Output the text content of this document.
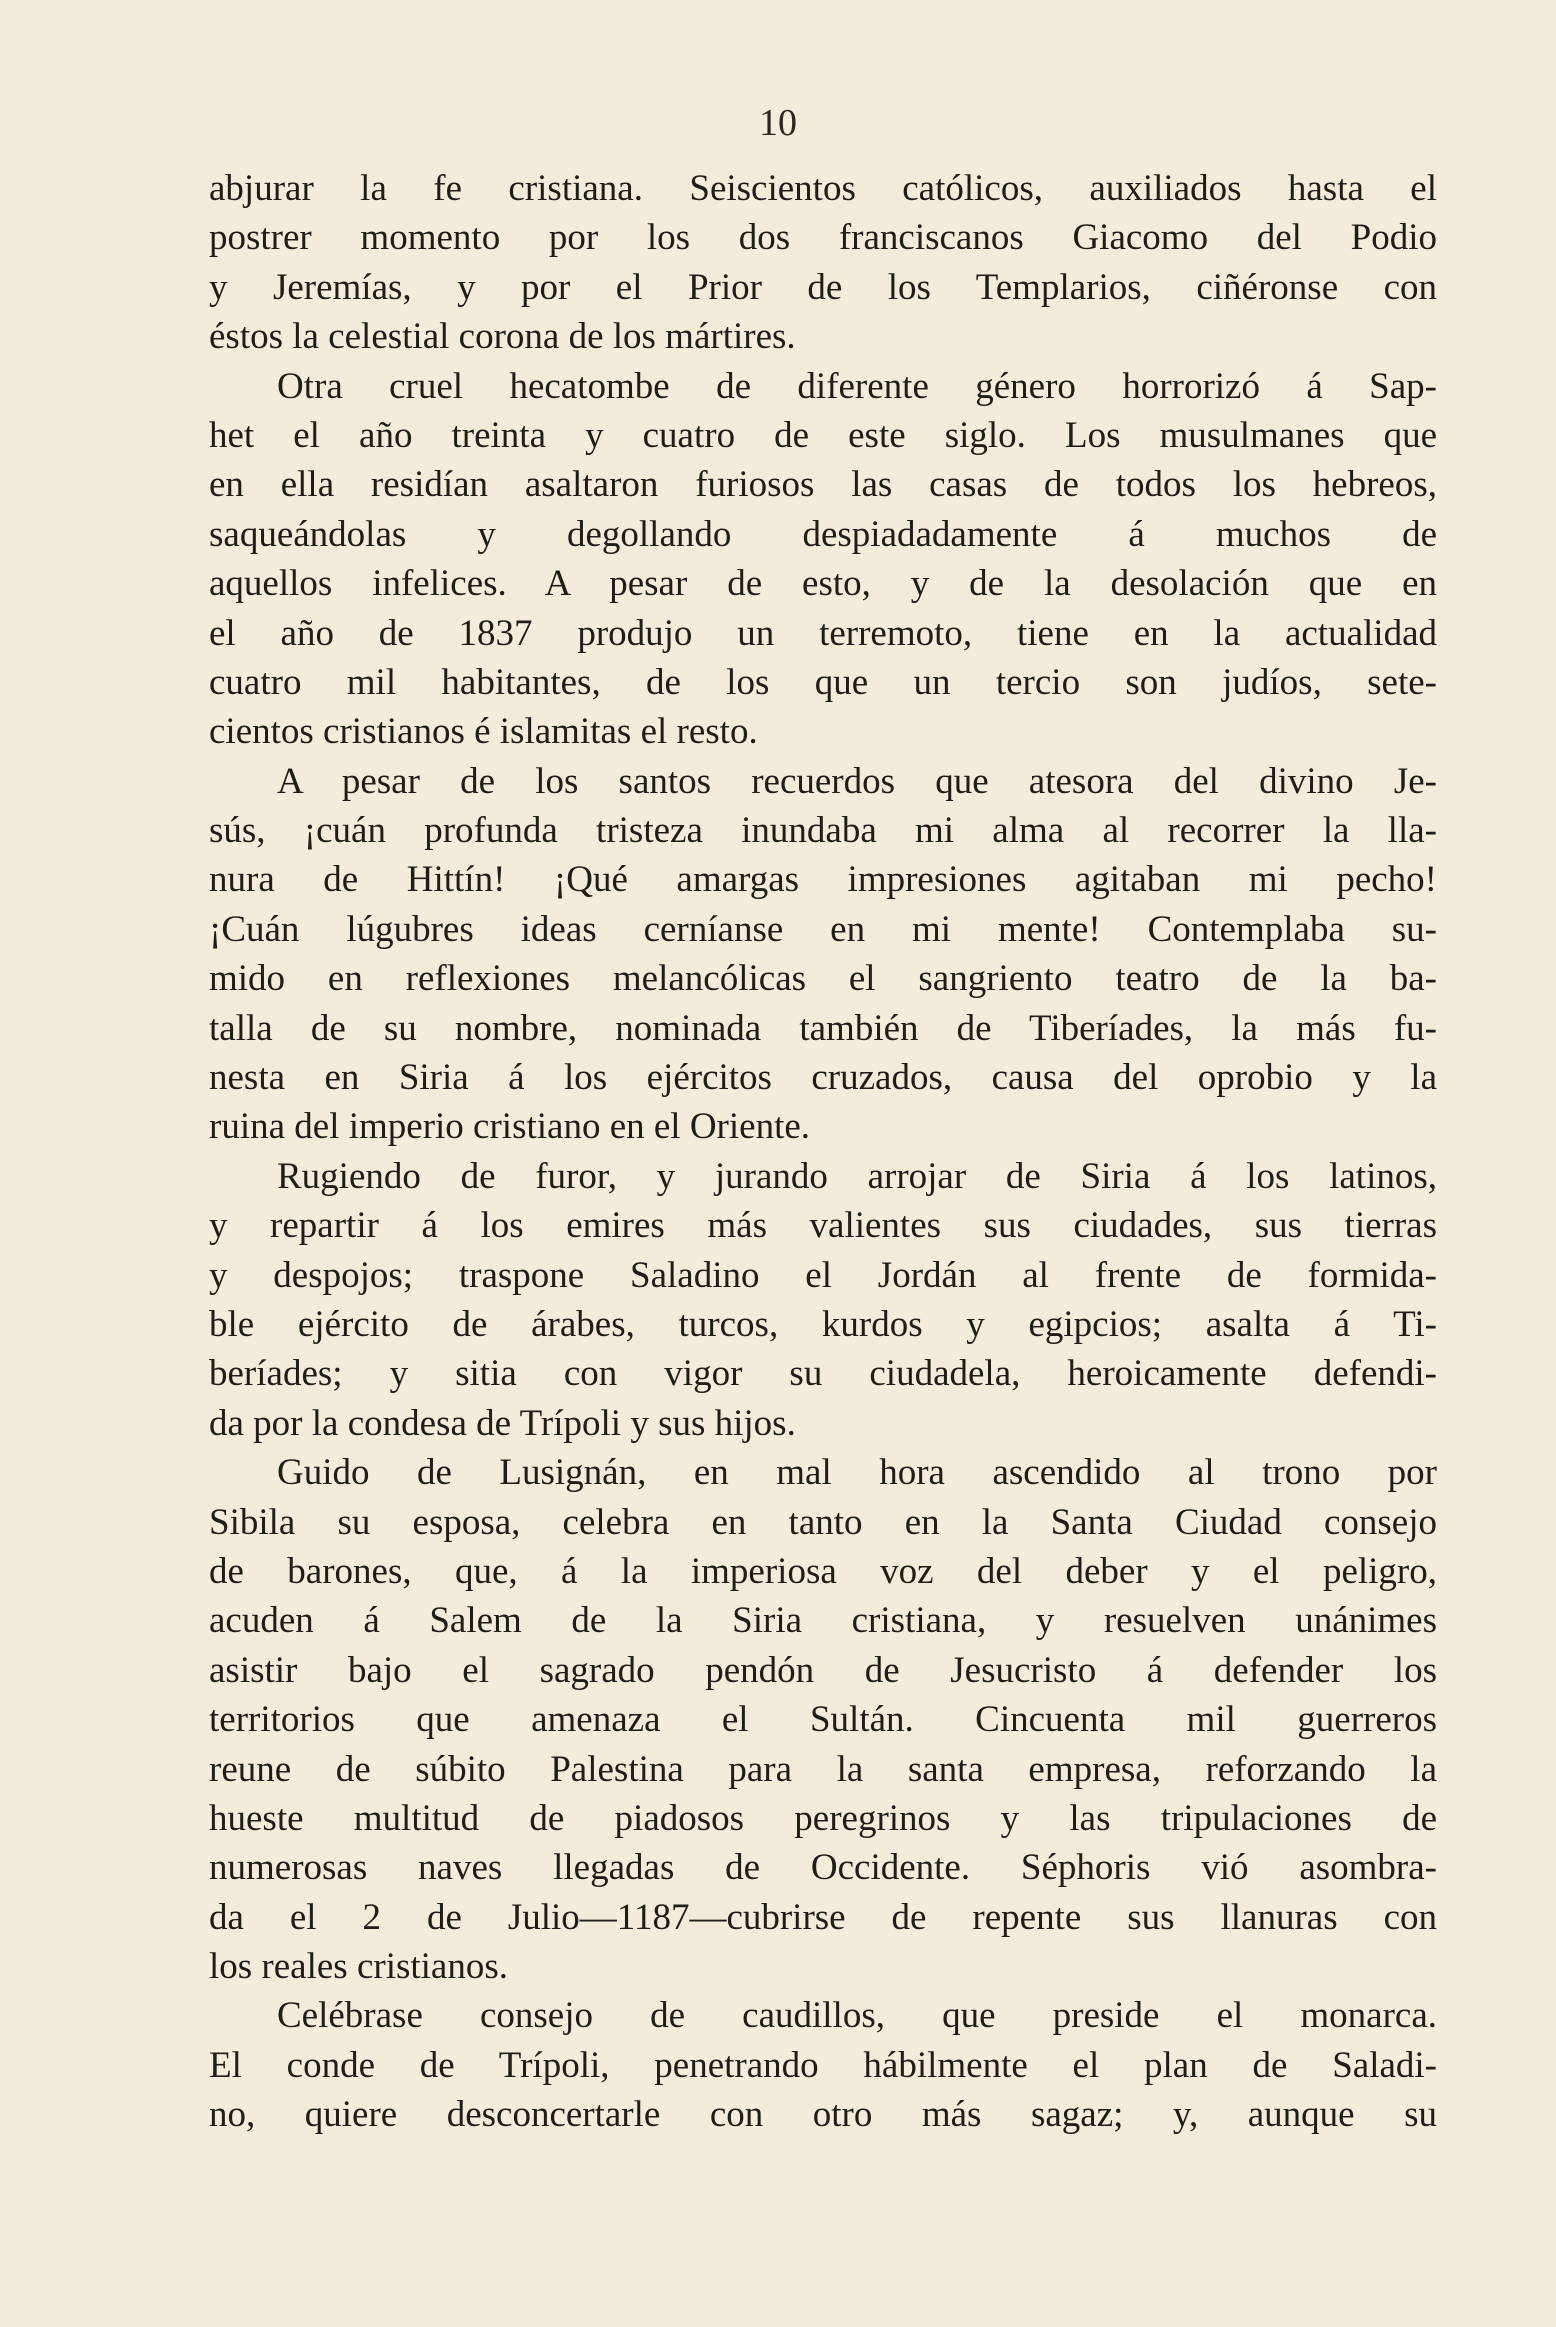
10
abjurar la fe cristiana. Seiscientos católicos, auxiliados hasta el
postrer momento por los dos franciscanos Giacomo del Podio
y Jeremías, y por el Prior de los Templarios, ciñéronse con
éstos la celestial corona de los mártires.
Otra cruel hecatombe de diferente género horrorizó á Sap-
het el año treinta y cuatro de este siglo. Los musulmanes que
en ella residían asaltaron furiosos las casas de todos los hebreos,
saqueándolas y degollando despiadadamente á muchos de
aquellos infelices. A pesar de esto, y de la desolación que en
el año de 1837 produjo un terremoto, tiene en la actualidad
cuatro mil habitantes, de los que un tercio son judíos, sete-
cientos cristianos é islamitas el resto.
A pesar de los santos recuerdos que atesora del divino Je-
sús, ¡cuán profunda tristeza inundaba mi alma al recorrer la lla-
nura de Hittín! ¡Qué amargas impresiones agitaban mi pecho!
¡Cuán lúgubres ideas cerníanse en mi mente! Contemplaba su-
mido en reflexiones melancólicas el sangriento teatro de la ba-
talla de su nombre, nominada también de Tiberíades, la más fu-
nesta en Siria á los ejércitos cruzados, causa del oprobio y la
ruina del imperio cristiano en el Oriente.
Rugiendo de furor, y jurando arrojar de Siria á los latinos,
y repartir á los emires más valientes sus ciudades, sus tierras
y despojos; traspone Saladino el Jordán al frente de formida-
ble ejército de árabes, turcos, kurdos y egipcios; asalta á Ti-
beríades; y sitia con vigor su ciudadela, heroicamente defendi-
da por la condesa de Trípoli y sus hijos.
Guido de Lusignán, en mal hora ascendido al trono por
Sibila su esposa, celebra en tanto en la Santa Ciudad consejo
de barones, que, á la imperiosa voz del deber y el peligro,
acuden á Salem de la Siria cristiana, y resuelven unánimes
asistir bajo el sagrado pendón de Jesucristo á defender los
territorios que amenaza el Sultán. Cincuenta mil guerreros
reune de súbito Palestina para la santa empresa, reforzando la
hueste multitud de piadosos peregrinos y las tripulaciones de
numerosas naves llegadas de Occidente. Séphoris vió asombra-
da el 2 de Julio—1187—cubrirse de repente sus llanuras con
los reales cristianos.
Celébrase consejo de caudillos, que preside el monarca.
El conde de Trípoli, penetrando hábilmente el plan de Saladi-
no, quiere desconcertarle con otro más sagaz; y, aunque su
